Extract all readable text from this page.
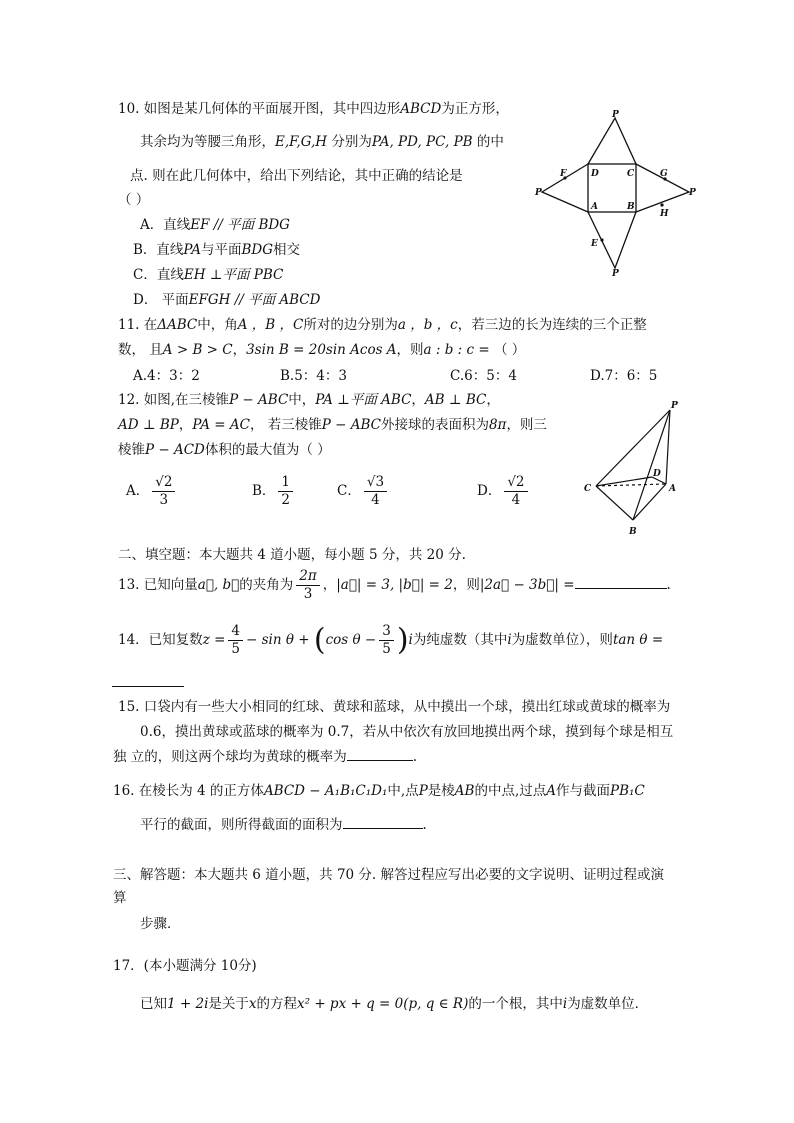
10. 如图是某几何体的平面展开图，其中四边形ABCD为正方形，
其余均为等腰三角形，E,F,G,H 分别为PA, PD, PC, PB 的中
点. 则在此几何体中，给出下列结论，其中正确的结论是
（ ）
A．直线EF // 平面 BDG
B．直线PA与平面BDG相交
C．直线EH ⊥平面 PBC
D． 平面EFGH // 平面 ABCD
P
P	P
P
D	C
A	B
F	G
H
E
11. 在ΔABC中，角A ，B ，C所对的边分别为a ，b ，c，若三边的长为连续的三个正整
数， 且A > B > C，3sin B = 20sin Acos A，则a : b : c = （ ）
A.4：3：2	B.5：4：3	C.6：5：4	D.7：6：5
12. 如图,在三棱锥P − ABC中，PA ⊥平面 ABC，AB ⊥ BC，
AD ⊥ BP，PA = AC， 若三棱锥P − ABC外接球的表面积为8π，则三
棱锥P − ACD体积的最大值为（ ）
A． $\frac{√2}{3}$	B． $\frac{1}{2}$	C． $\frac{√3}{4}$	D． $\frac{√2}{4}$
P
C	A
D
B
二、填空题：本大题共 4 道小题，每小题 5 分，共 20 分.
13. 已知向量a⃗, b⃗的夹角为 $\frac{2\pi}{3}$ ，|a⃗| = 3, |b⃗| = 2，则|2a⃗ − 3b⃗| =	.
14．已知复数$z = \frac{4}{5} - \sin \theta + (\cos$ $\theta - \frac{3}{5} )i$为纯虚数（其中i为虚数单位），则tan θ =
15. 口袋内有一些大小相同的红球、黄球和蓝球，从中摸出一个球，摸出红球或黄球的概率为
0.6，摸出黄球或蓝球的概率为 0.7，若从中依次有放回地摸出两个球，摸到每个球是相互
独 立的，则这两个球均为黄球的概率为	.
16. 在棱长为 4 的正方体ABCD − A₁B₁C₁D₁中,点P是棱AB的中点,过点A作与截面PB₁C
平行的截面，则所得截面的面积为	.
三、解答题：本大题共 6 道小题，共 70 分. 解答过程应写出必要的文字说明、证明过程或演
算
步骤．
17．(本小题满分 10分)
已知1 + 2i是关于x的方程x² + px + q = 0(p, q ∈ R)的一个根，其中i为虚数单位．
